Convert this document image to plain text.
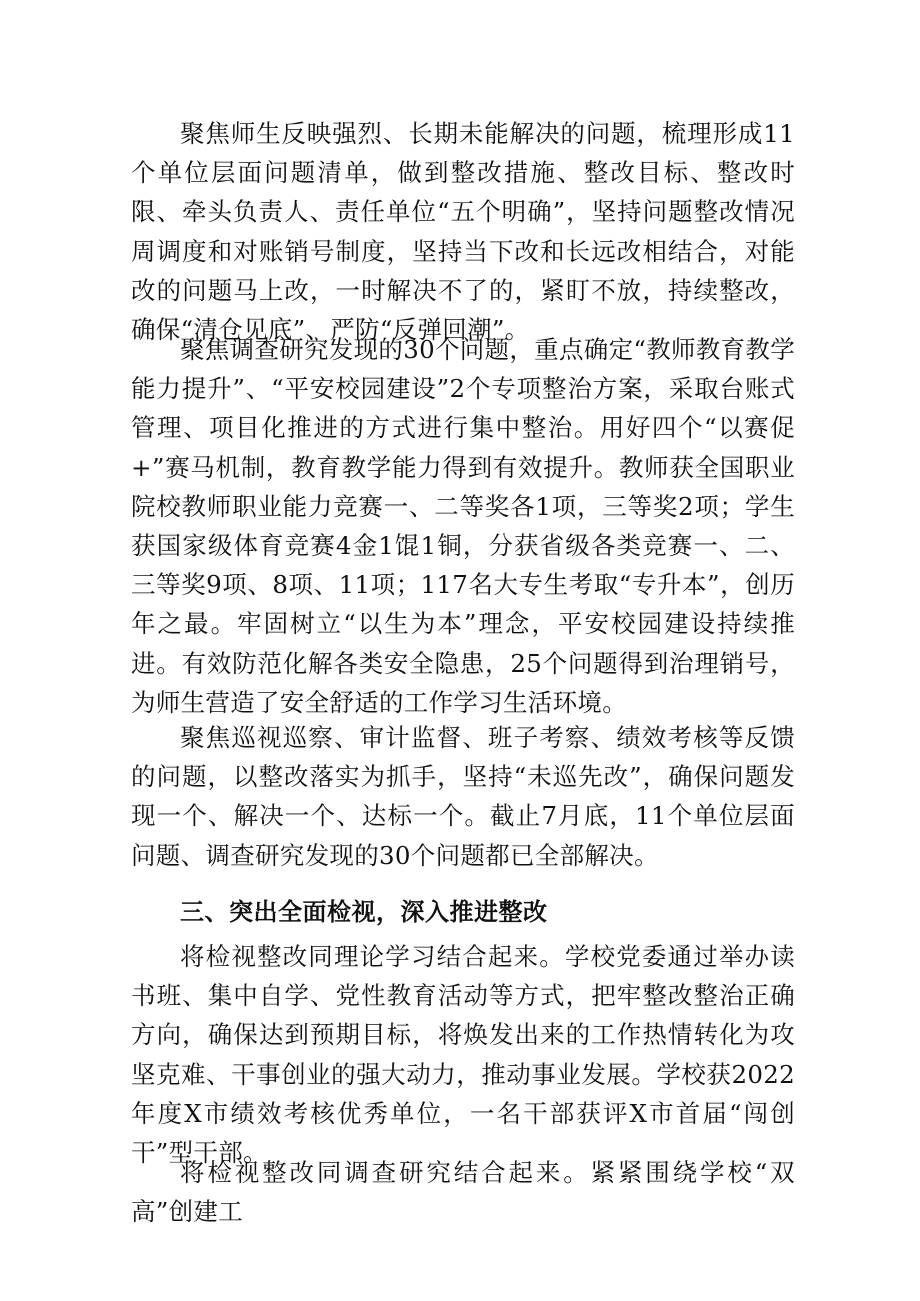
聚焦师生反映强烈、长期未能解决的问题，梳理形成11个单位层面问题清单，做到整改措施、整改目标、整改时限、牵头负责人、责任单位“五个明确”，坚持问题整改情况周调度和对账销号制度，坚持当下改和长远改相结合，对能改的问题马上改，一时解决不了的，紧盯不放，持续整改，确保“清仓见底”、严防“反弹回潮”。

聚焦调查研究发现的30个问题，重点确定“教师教育教学能力提升”、“平安校园建设”2个专项整治方案，采取台账式管理、项目化推进的方式进行集中整治。用好四个“以赛促+”赛马机制，教育教学能力得到有效提升。教师获全国职业院校教师职业能力竞赛一、二等奖各1项，三等奖2项；学生获国家级体育竞赛4金1馄1铜，分获省级各类竞赛一、二、三等奖9项、8项、11项；117名大专生考取“专升本”，创历年之最。牢固树立“以生为本”理念，平安校园建设持续推进。有效防范化解各类安全隐患，25个问题得到治理销号，为师生营造了安全舒适的工作学习生活环境。

聚焦巡视巡察、审计监督、班子考察、绩效考核等反馈的问题，以整改落实为抓手，坚持“未巡先改”，确保问题发现一个、解决一个、达标一个。截止7月底，11个单位层面问题、调查研究发现的30个问题都已全部解决。

三、突出全面检视，深入推进整改

将检视整改同理论学习结合起来。学校党委通过举办读书班、集中自学、党性教育活动等方式，把牢整改整治正确方向，确保达到预期目标，将焕发出来的工作热情转化为攻坚克难、干事创业的强大动力，推动事业发展。学校获2022年度X市绩效考核优秀单位，一名干部获评X市首届“闯创干”型干部。

将检视整改同调查研究结合起来。紧紧围绕学校“双高”创建工
